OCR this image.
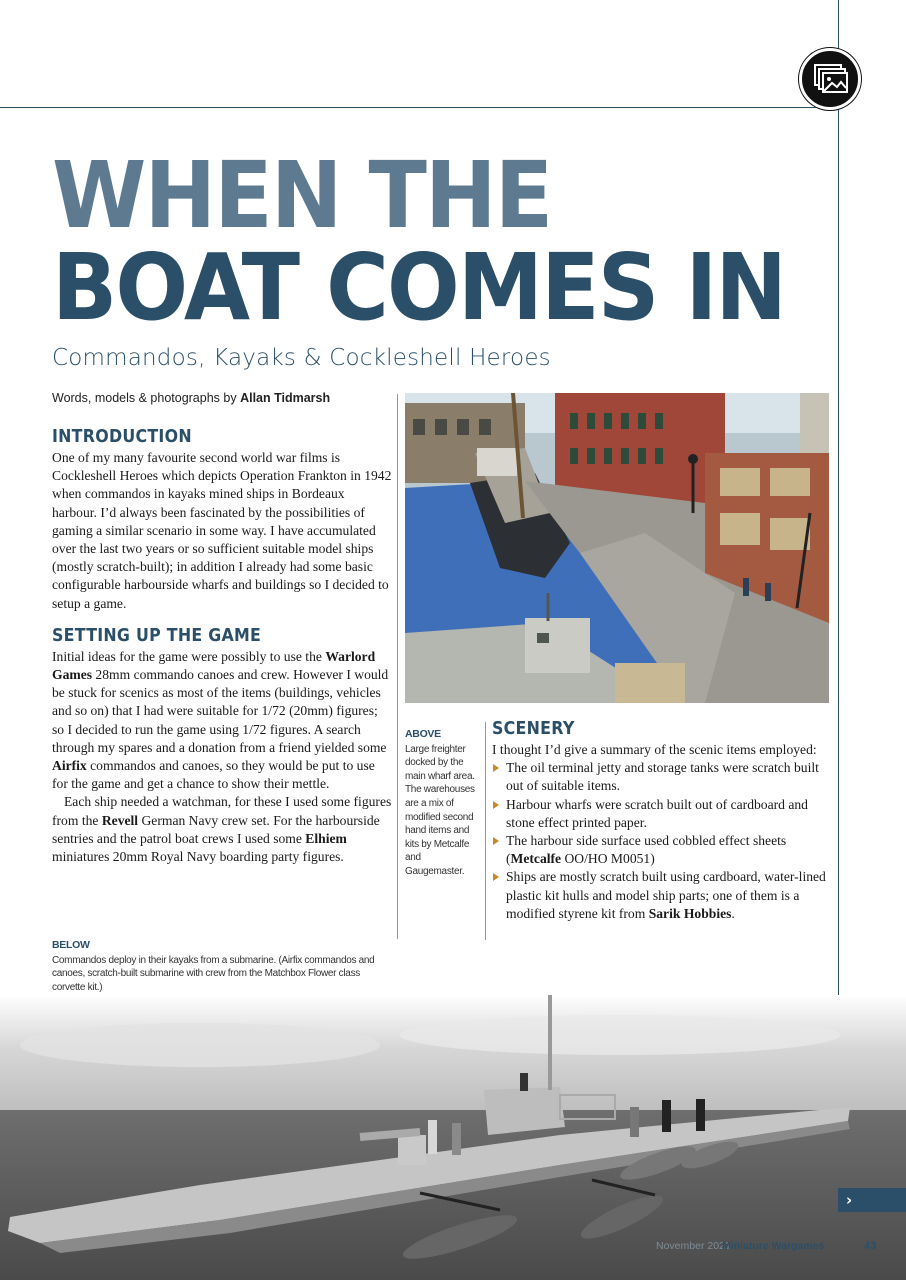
WHEN THE
BOAT COMES IN
Commandos, Kayaks & Cockleshell Heroes
Words, models & photographs by Allan Tidmarsh
INTRODUCTION

One of my many favourite second world war films is Cockleshell Heroes which depicts Operation Frankton in 1942 when commandos in kayaks mined ships in Bordeaux harbour. I’d always been fascinated by the possibilities of gaming a similar scenario in some way. I have accumulated over the last two years or so sufficient suitable model ships (mostly scratch-built); in addition I already had some basic configurable harbourside wharfs and buildings so I decided to setup a game.

SETTING UP THE GAME

Initial ideas for the game were possibly to use the Warlord Games 28mm commando canoes and crew. However I would be stuck for scenics as most of the items (buildings, vehicles and so on) that I had were suitable for 1/72 (20mm) figures; so I decided to run the game using 1/72 figures. A search through my spares and a donation from a friend yielded some Airfix commandos and canoes, so they would be put to use for the game and get a chance to show their mettle.

Each ship needed a watchman, for these I used some figures from the Revell German Navy crew set. For the harbourside sentries and the patrol boat crews I used some Elhiem miniatures 20mm Royal Navy boarding party figures.

ABOVE
Large freighter docked by the main wharf area. The warehouses are a mix of modified second hand items and kits by Metcalfe and Gaugemaster.
SCENERY

I thought I’d give a summary of the scenic items employed:

The oil terminal jetty and storage tanks were scratch built out of suitable items.
Harbour wharfs were scratch built out of cardboard and stone effect printed paper.
The harbour side surface used cobbled effect sheets (Metcalfe OO/HO M0051)
Ships are mostly scratch built using cardboard, water-lined plastic kit hulls and model ship parts; one of them is a modified styrene kit from Sarik Hobbies.
BELOW
Commandos deploy in their kayaks from a submarine. (Airfix commandos and canoes, scratch-built submarine with crew from the Matchbox Flower class corvette kit.)
›
November 2021
Miniature Wargames	43
